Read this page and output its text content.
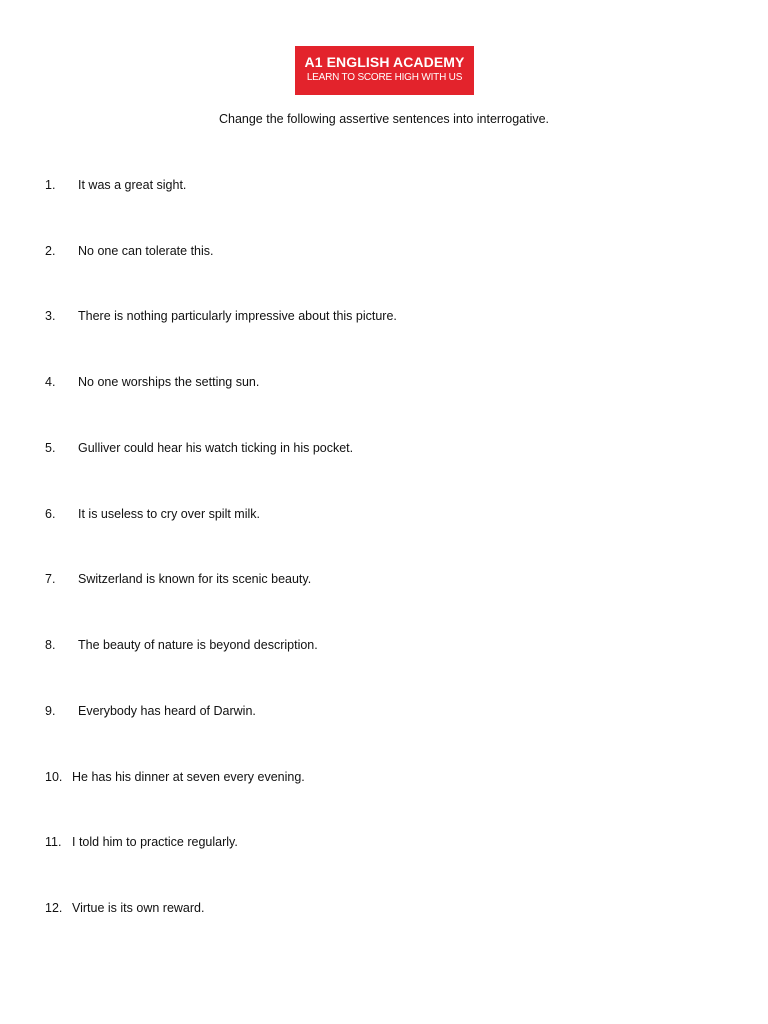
A1 ENGLISH ACADEMY
LEARN TO SCORE HIGH WITH US
Change the following assertive sentences into interrogative.
1. It was a great sight.
2. No one can tolerate this.
3. There is nothing particularly impressive about this picture.
4. No one worships the setting sun.
5. Gulliver could hear his watch ticking in his pocket.
6. It is useless to cry over spilt milk.
7. Switzerland is known for its scenic beauty.
8. The beauty of nature is beyond description.
9. Everybody has heard of Darwin.
10. He has his dinner at seven every evening.
11. I told him to practice regularly.
12. Virtue is its own reward.
